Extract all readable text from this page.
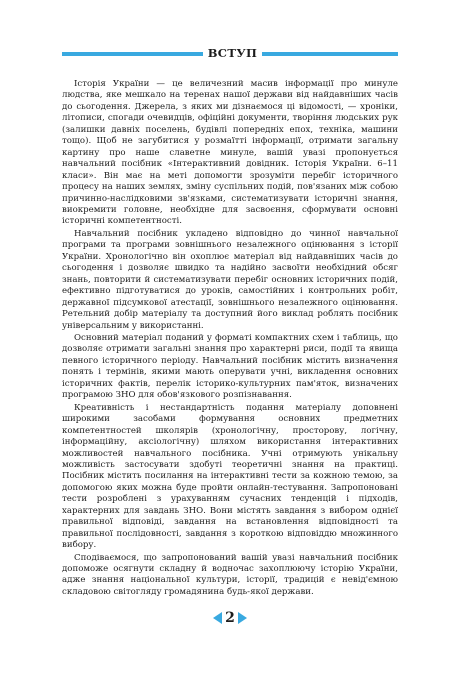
ВСТУП

Історія України — це величезний масив інформації про минуле людства, яке мешкало на теренах нашої держави від найдавніших часів до сьогодення. Джерела, з яких ми дізнаємося ці відомості, — хроніки, літописи, спогади очевидців, офіційні документи, творіння людських рук (залишки давніх поселень, будівлі попередніх епох, техніка, машини тощо). Щоб не загубитися у розмаїтті інформації, отримати загальну картину про наше славетне минуле, вашій увазі пропонується навчальний посібник «Інтерактивний довідник. Історія України. 6–11 класи». Він має на меті допомогти зрозуміти перебіг історичного процесу на наших землях, зміну суспільних подій, пов'язаних між собою причинно-наслідковими зв'язками, систематизувати історичні знання, виокремити головне, необхідне для засвоєння, сформувати основні історичні компетентності.

Навчальний посібник укладено відповідно до чинної навчальної програми та програми зовнішнього незалежного оцінювання з історії України. Хронологічно він охоплює матеріал від найдавніших часів до сьогодення і дозволяє швидко та надійно засвоїти необхідний обсяг знань, повторити й систематизувати перебіг основних історичних подій, ефективно підготуватися до уроків, самостійних і контрольних робіт, державної підсумкової атестації, зовнішнього незалежного оцінювання. Ретельний добір матеріалу та доступний його виклад роблять посібник універсальним у використанні.

Основний матеріал поданий у форматі компактних схем і таблиць, що дозволяє отримати загальні знання про характерні риси, події та явища певного історичного періоду. Навчальний посібник містить визначення понять і термінів, якими мають оперувати учні, викладення основних історичних фактів, перелік історико-культурних пам'яток, визначених програмою ЗНО для обов'язкового розпізнавання.

Креативність і нестандартність подання матеріалу доповнені широкими засобами формування основних предметних компетентностей школярів (хронологічну, просторову, логічну, інформаційну, аксіологічну) шляхом використання інтерактивних можливостей навчального посібника. Учні отримують унікальну можливість застосувати здобуті теоретичні знання на практиці. Посібник містить посилання на інтерактивні тести за кожною темою, за допомогою яких можна буде пройти онлайн-тестування. Запропоновані тести розроблені з урахуванням сучасних тенденцій і підходів, характерних для завдань ЗНО. Вони містять завдання з вибором однієї правильної відповіді, завдання на встановлення відповідності та правильної послідовності, завдання з короткою відповіддю множинного вибору.

Сподіваємося, що запропонований вашій увазі навчальний посібник допоможе осягнути складну й водночас захоплюючу історію України, адже знання національної культури, історії, традицій є невід'ємною складовою світогляду громадянина будь-якої держави.

2
